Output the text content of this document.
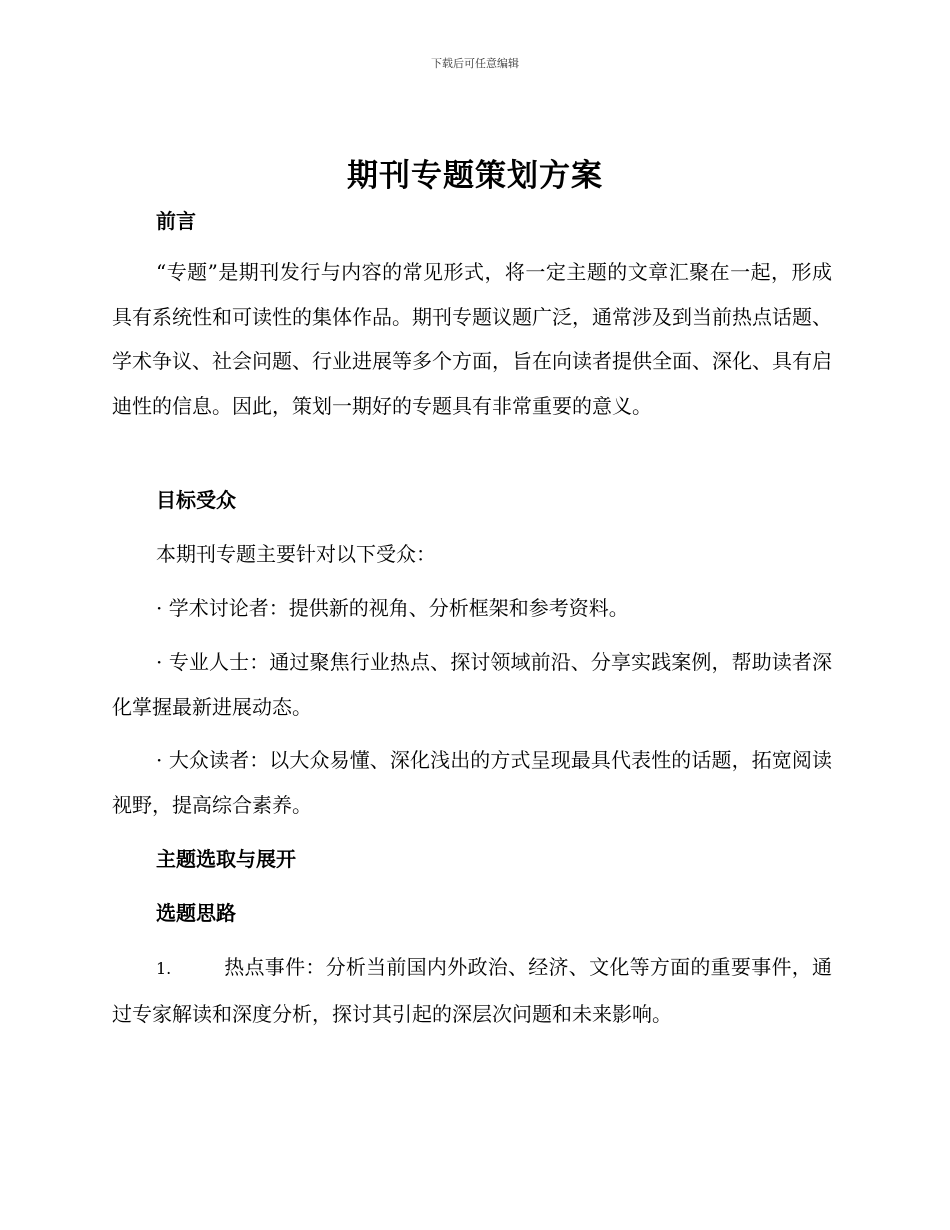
下载后可任意编辑
期刊专题策划方案
前言
“专题”是期刊发行与内容的常见形式，将一定主题的文章汇聚在一起，形成具有系统性和可读性的集体作品。期刊专题议题广泛，通常涉及到当前热点话题、学术争议、社会问题、行业进展等多个方面，旨在向读者提供全面、深化、具有启迪性的信息。因此，策划一期好的专题具有非常重要的意义。
目标受众
本期刊专题主要针对以下受众：
· 学术讨论者：提供新的视角、分析框架和参考资料。
· 专业人士：通过聚焦行业热点、探讨领域前沿、分享实践案例，帮助读者深化掌握最新进展动态。
· 大众读者：以大众易懂、深化浅出的方式呈现最具代表性的话题，拓宽阅读视野，提高综合素养。
主题选取与展开
选题思路
1.	热点事件：分析当前国内外政治、经济、文化等方面的重要事件，通过专家解读和深度分析，探讨其引起的深层次问题和未来影响。
